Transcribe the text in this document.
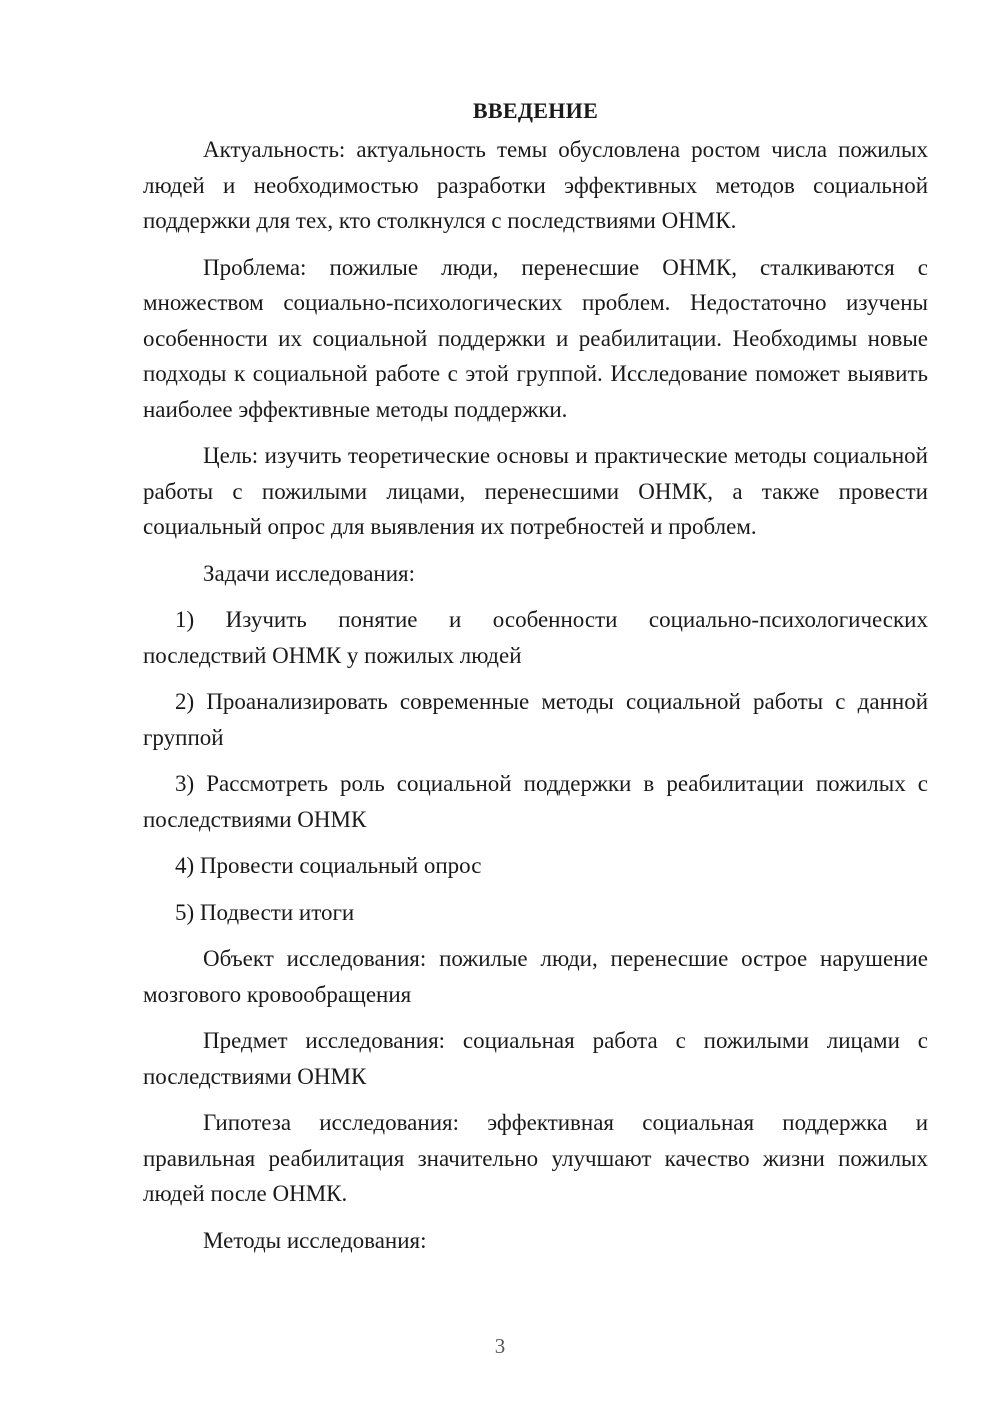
ВВЕДЕНИЕ

Актуальность: актуальность темы обусловлена ростом числа пожилых людей и необходимостью разработки эффективных методов социальной поддержки для тех, кто столкнулся с последствиями ОНМК.

Проблема: пожилые люди, перенесшие ОНМК, сталкиваются с множеством социально-психологических проблем. Недостаточно изучены особенности их социальной поддержки и реабилитации. Необходимы новые подходы к социальной работе с этой группой. Исследование поможет выявить наиболее эффективные методы поддержки.

Цель: изучить теоретические основы и практические методы социальной работы с пожилыми лицами, перенесшими ОНМК, а также провести социальный опрос для выявления их потребностей и проблем.

Задачи исследования:

1) Изучить понятие и особенности социально-психологических последствий ОНМК у пожилых людей

2) Проанализировать современные методы социальной работы с данной группой

3) Рассмотреть роль социальной поддержки в реабилитации пожилых с последствиями ОНМК

4) Провести социальный опрос

5) Подвести итоги

Объект исследования: пожилые люди, перенесшие острое нарушение мозгового кровообращения

Предмет исследования: социальная работа с пожилыми лицами с последствиями ОНМК

Гипотеза исследования: эффективная социальная поддержка и правильная реабилитация значительно улучшают качество жизни пожилых людей после ОНМК.

Методы исследования:

3
